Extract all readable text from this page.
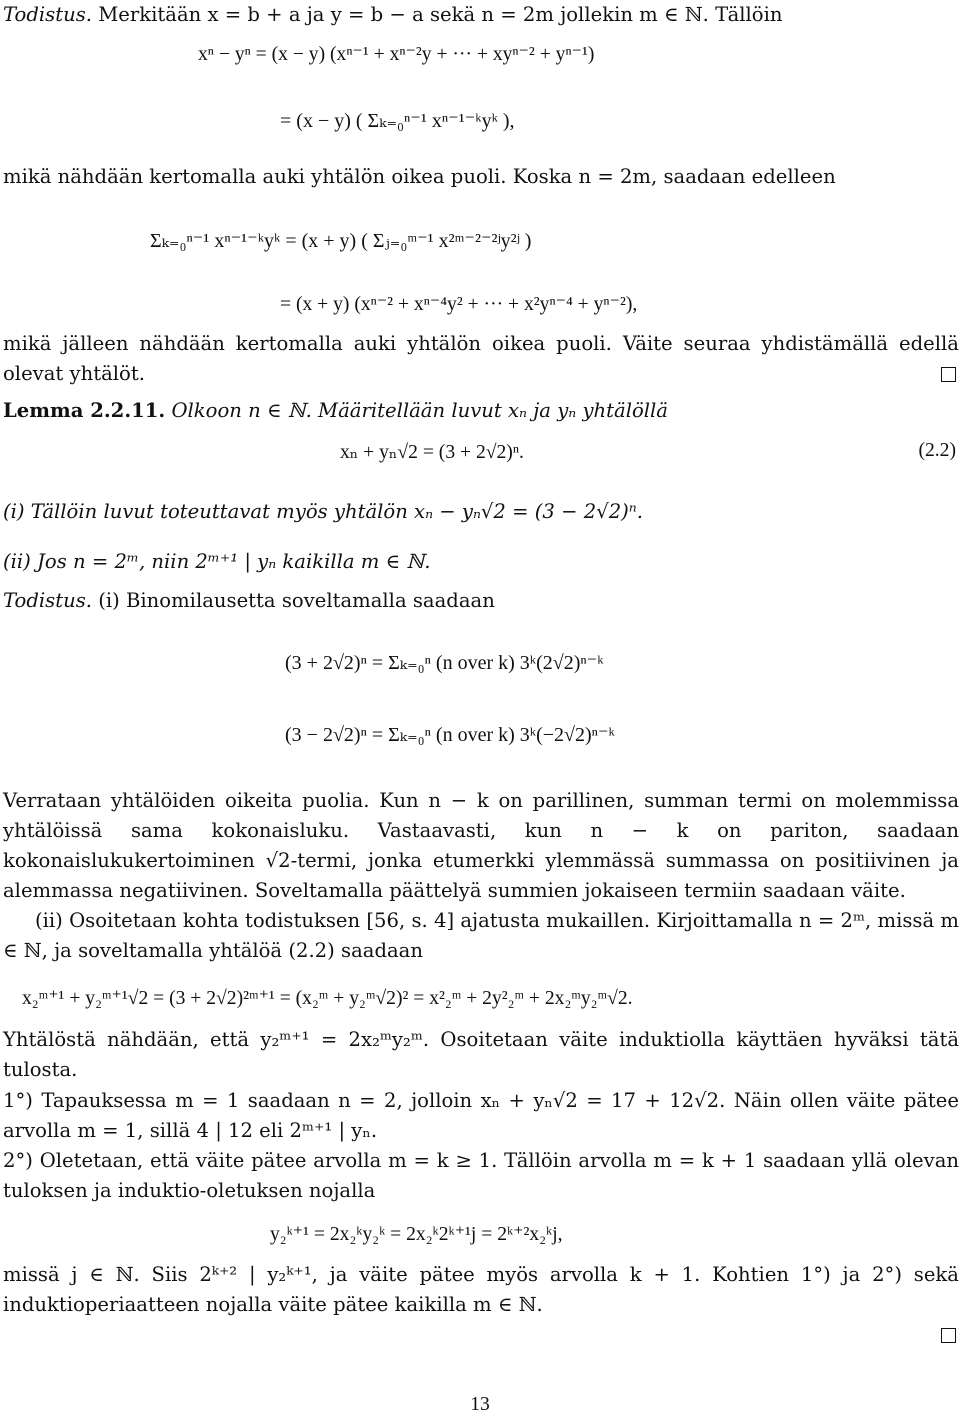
Todistus. Merkitään x = b + a ja y = b − a sekä n = 2m jollekin m ∈ ℕ. Tällöin

xⁿ − yⁿ = (x − y) (xⁿ⁻¹ + xⁿ⁻²y + ··· + xyⁿ⁻² + yⁿ⁻¹)
= (x − y) ( Σₖ₌₀ⁿ⁻¹ xⁿ⁻¹⁻ᵏyᵏ ),

mikä nähdään kertomalla auki yhtälön oikea puoli. Koska n = 2m, saadaan edelleen

Σₖ₌₀ⁿ⁻¹ xⁿ⁻¹⁻ᵏyᵏ = (x + y) ( Σⱼ₌₀ᵐ⁻¹ x²ᵐ⁻²⁻²ʲy²ʲ )
= (x + y) (xⁿ⁻² + xⁿ⁻⁴y² + ··· + x²yⁿ⁻⁴ + yⁿ⁻²),

mikä jälleen nähdään kertomalla auki yhtälön oikea puoli. Väite seuraa yhdistämällä edellä olevat yhtälöt.

Lemma 2.2.11. Olkoon n ∈ ℕ. Määritellään luvut xₙ ja yₙ yhtälöllä

xₙ + yₙ√2 = (3 + 2√2)ⁿ.	(2.2)
(i) Tällöin luvut toteuttavat myös yhtälön xₙ − yₙ√2 = (3 − 2√2)ⁿ.
(ii) Jos n = 2ᵐ, niin 2ᵐ⁺¹ | yₙ kaikilla m ∈ ℕ.

Todistus. (i) Binomilausetta soveltamalla saadaan

(3 + 2√2)ⁿ = Σₖ₌₀ⁿ (n over k) 3ᵏ(2√2)ⁿ⁻ᵏ
(3 − 2√2)ⁿ = Σₖ₌₀ⁿ (n over k) 3ᵏ(−2√2)ⁿ⁻ᵏ

Verrataan yhtälöiden oikeita puolia. Kun n − k on parillinen, summan termi on molemmissa yhtälöissä sama kokonaisluku. Vastaavasti, kun n − k on pariton, saadaan kokonaislukukertoiminen √2-termi, jonka etumerkki ylemmässä summassa on positiivinen ja alemmassa negatiivinen. Soveltamalla päättelyä summien jokaiseen termiin saadaan väite.

(ii) Osoitetaan kohta todistuksen [56, s. 4] ajatusta mukaillen. Kirjoittamalla n = 2ᵐ, missä m ∈ ℕ, ja soveltamalla yhtälöä (2.2) saadaan

x₂ᵐ⁺¹ + y₂ᵐ⁺¹√2 = (3 + 2√2)²ᵐ⁺¹ = (x₂ᵐ + y₂ᵐ√2)² = x²₂ᵐ + 2y²₂ᵐ + 2x₂ᵐy₂ᵐ√2.

Yhtälöstä nähdään, että y₂ᵐ⁺¹ = 2x₂ᵐy₂ᵐ. Osoitetaan väite induktiolla käyttäen hyväksi tätä tulosta.

1°) Tapauksessa m = 1 saadaan n = 2, jolloin xₙ + yₙ√2 = 17 + 12√2. Näin ollen väite pätee arvolla m = 1, sillä 4 | 12 eli 2ᵐ⁺¹ | yₙ.

2°) Oletetaan, että väite pätee arvolla m = k ≥ 1. Tällöin arvolla m = k + 1 saadaan yllä olevan tuloksen ja induktio-oletuksen nojalla

y₂ᵏ⁺¹ = 2x₂ᵏy₂ᵏ = 2x₂ᵏ2ᵏ⁺¹j = 2ᵏ⁺²x₂ᵏj,

missä j ∈ ℕ. Siis 2ᵏ⁺² | y₂ᵏ⁺¹, ja väite pätee myös arvolla k + 1. Kohtien 1°) ja 2°) sekä induktioperiaatteen nojalla väite pätee kaikilla m ∈ ℕ.

13
